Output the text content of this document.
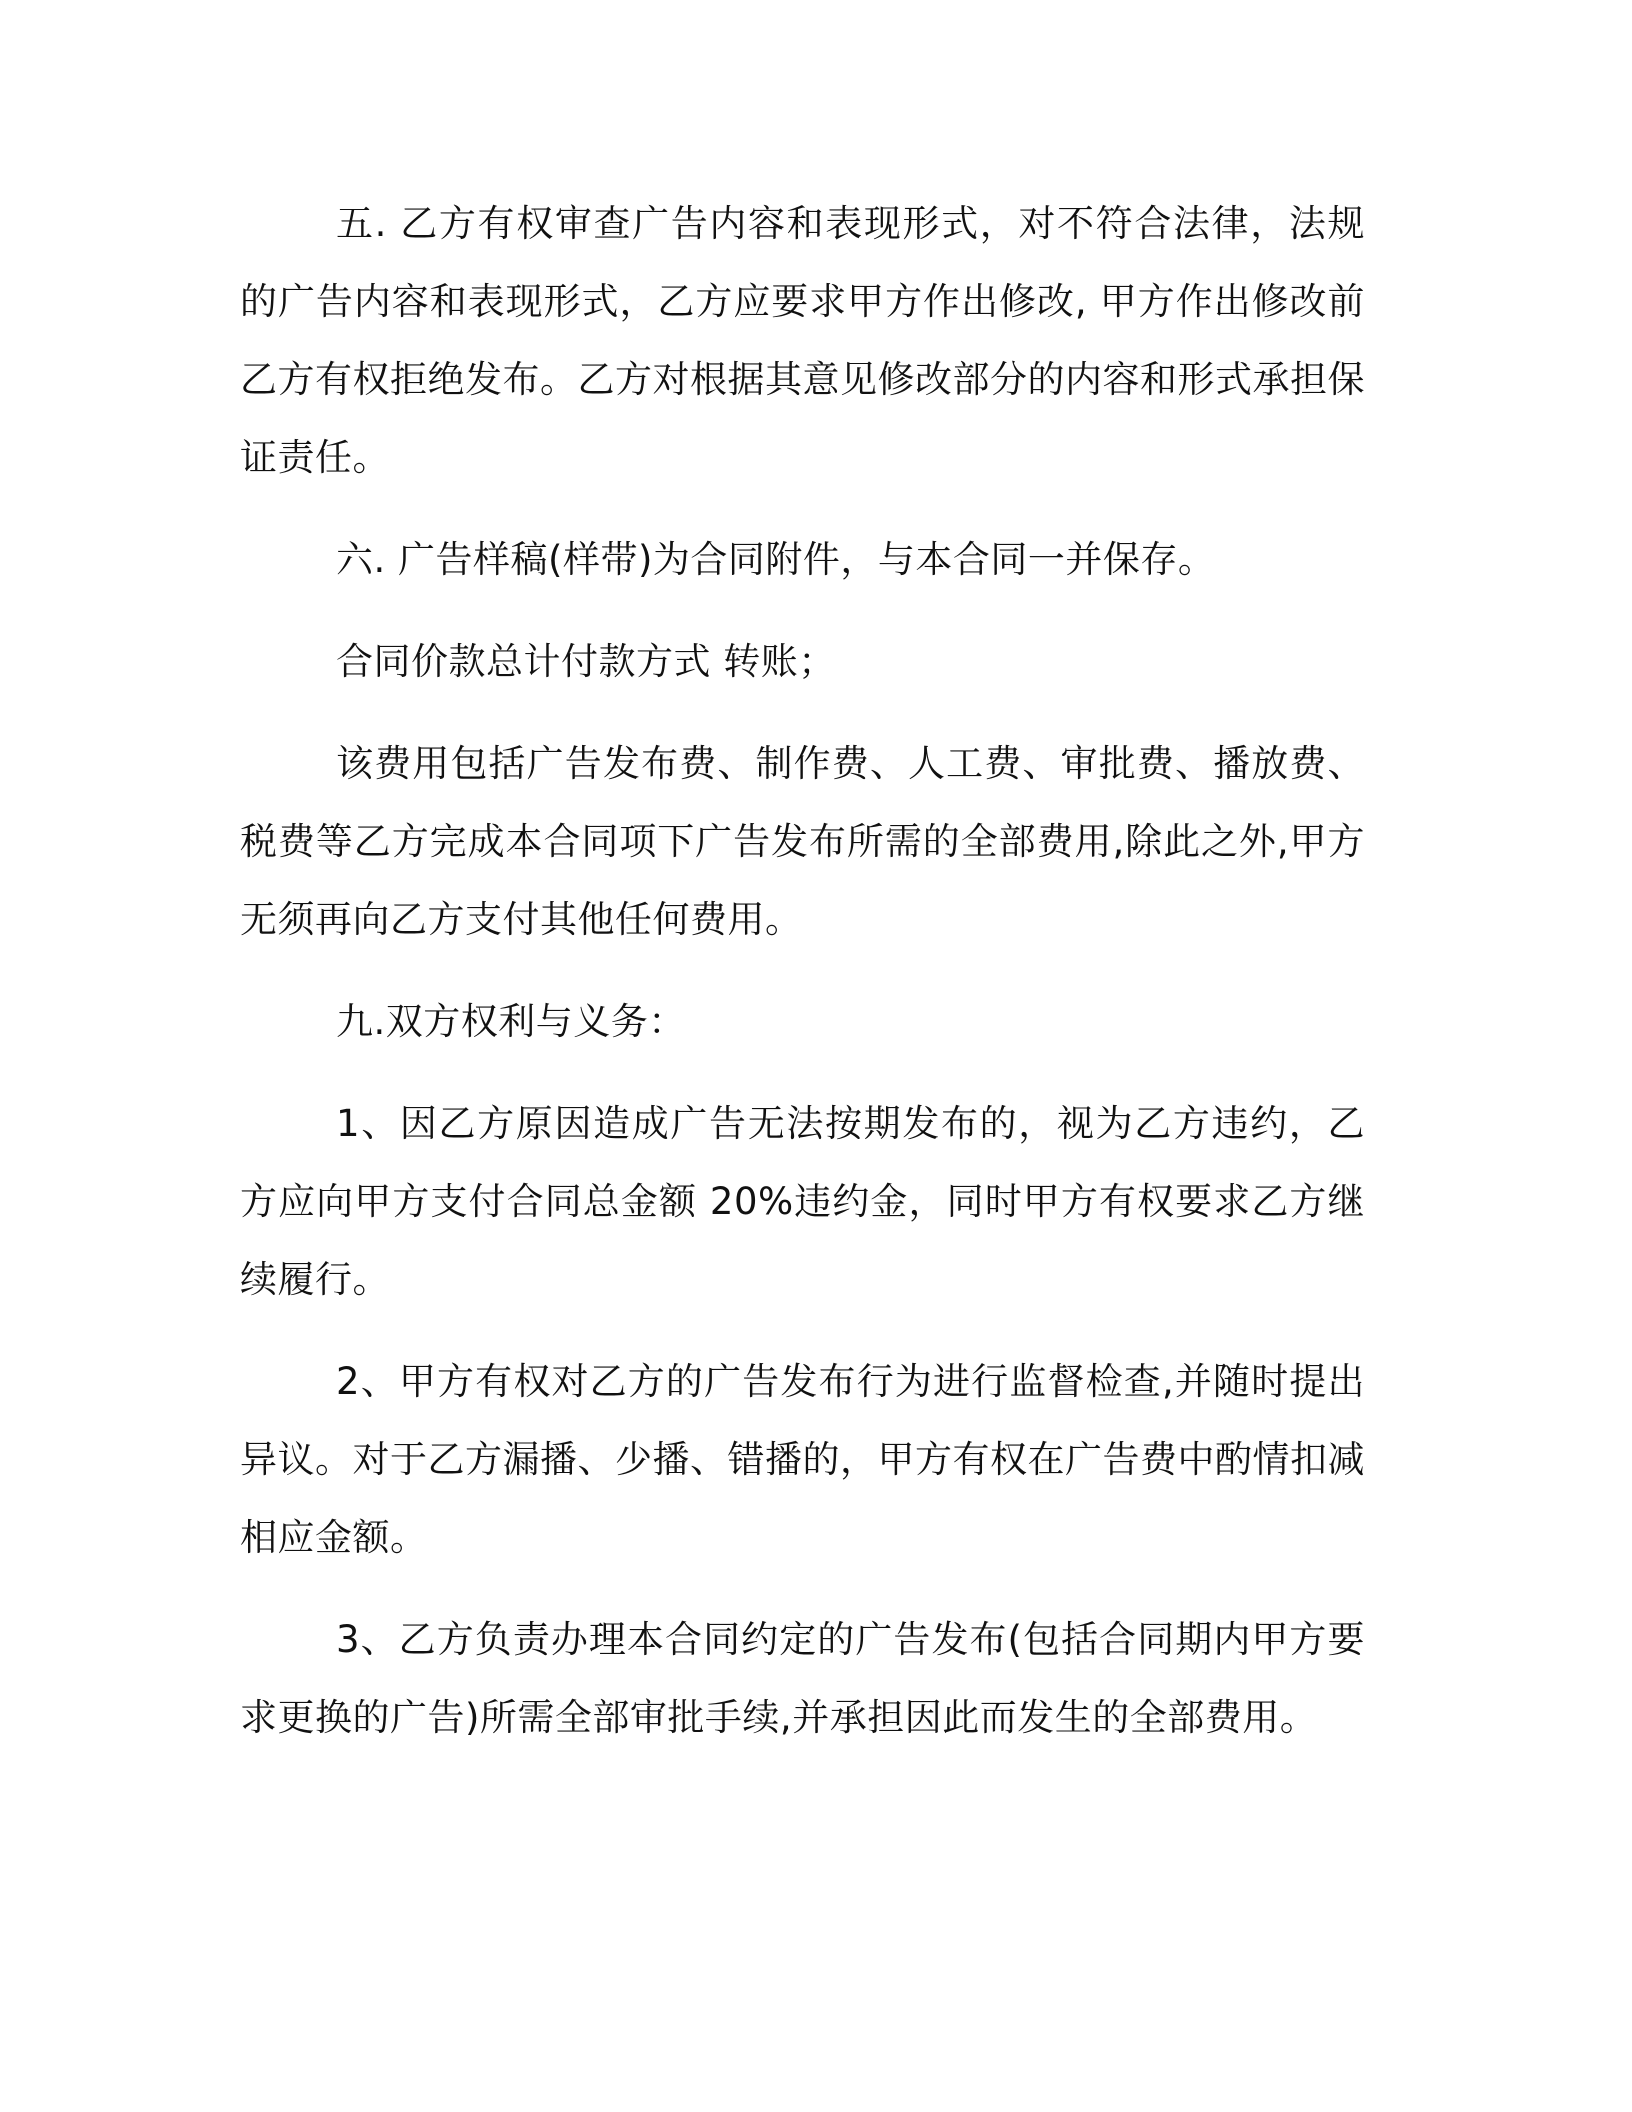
五. 乙方有权审查广告内容和表现形式，对不符合法律，法规的广告内容和表现形式，乙方应要求甲方作出修改, 甲方作出修改前乙方有权拒绝发布。乙方对根据其意见修改部分的内容和形式承担保证责任。

六. 广告样稿(样带)为合同附件，与本合同一并保存。

合同价款总计付款方式 转账；

该费用包括广告发布费、制作费、人工费、审批费、播放费、税费等乙方完成本合同项下广告发布所需的全部费用,除此之外,甲方无须再向乙方支付其他任何费用。

九.双方权利与义务：

1、因乙方原因造成广告无法按期发布的，视为乙方违约，乙方应向甲方支付合同总金额 20%违约金，同时甲方有权要求乙方继续履行。

2、甲方有权对乙方的广告发布行为进行监督检查,并随时提出异议。对于乙方漏播、少播、错播的，甲方有权在广告费中酌情扣减相应金额。

3、乙方负责办理本合同约定的广告发布(包括合同期内甲方要求更换的广告)所需全部审批手续,并承担因此而发生的全部费用。
